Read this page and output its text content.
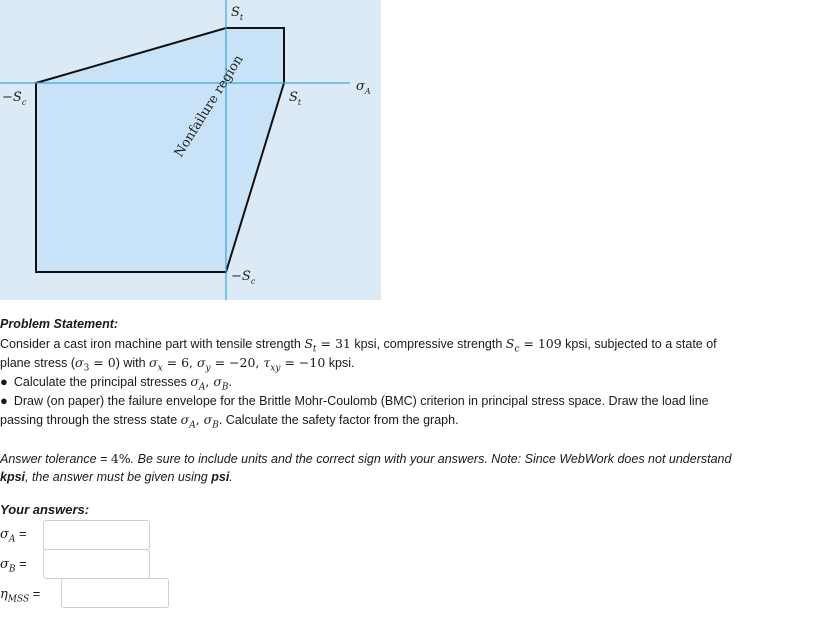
$S_t$
$-S_c$	$S_t$
$\sigma_A$
$-S_c$
Nonfailure region
Problem Statement:
Consider a cast iron machine part with tensile strength $S_t = 31$ kpsi, compressive strength $S_c = 109$ kpsi, subjected to a state of
plane stress $(\sigma_3 = 0)$ with $\sigma_x = 6$, $\sigma_y = -20$, $\tau_{xy} = -10$ kpsi.
● Calculate the principal stresses $\sigma_A$, $\sigma_B$.
● Draw (on paper) the failure envelope for the Brittle Mohr-Coulomb (BMC) criterion in principal stress space. Draw the load line
passing through the stress state $\sigma_A$, $\sigma_B$. Calculate the safety factor from the graph.
Answer tolerance = 4%. Be sure to include units and the correct sign with your answers. Note: Since WebWork does not understand
kpsi, the answer must be given using psi.
Your answers:
$\sigma_A$ =
$\sigma_B$ =
$\eta_{MSS}$ =
